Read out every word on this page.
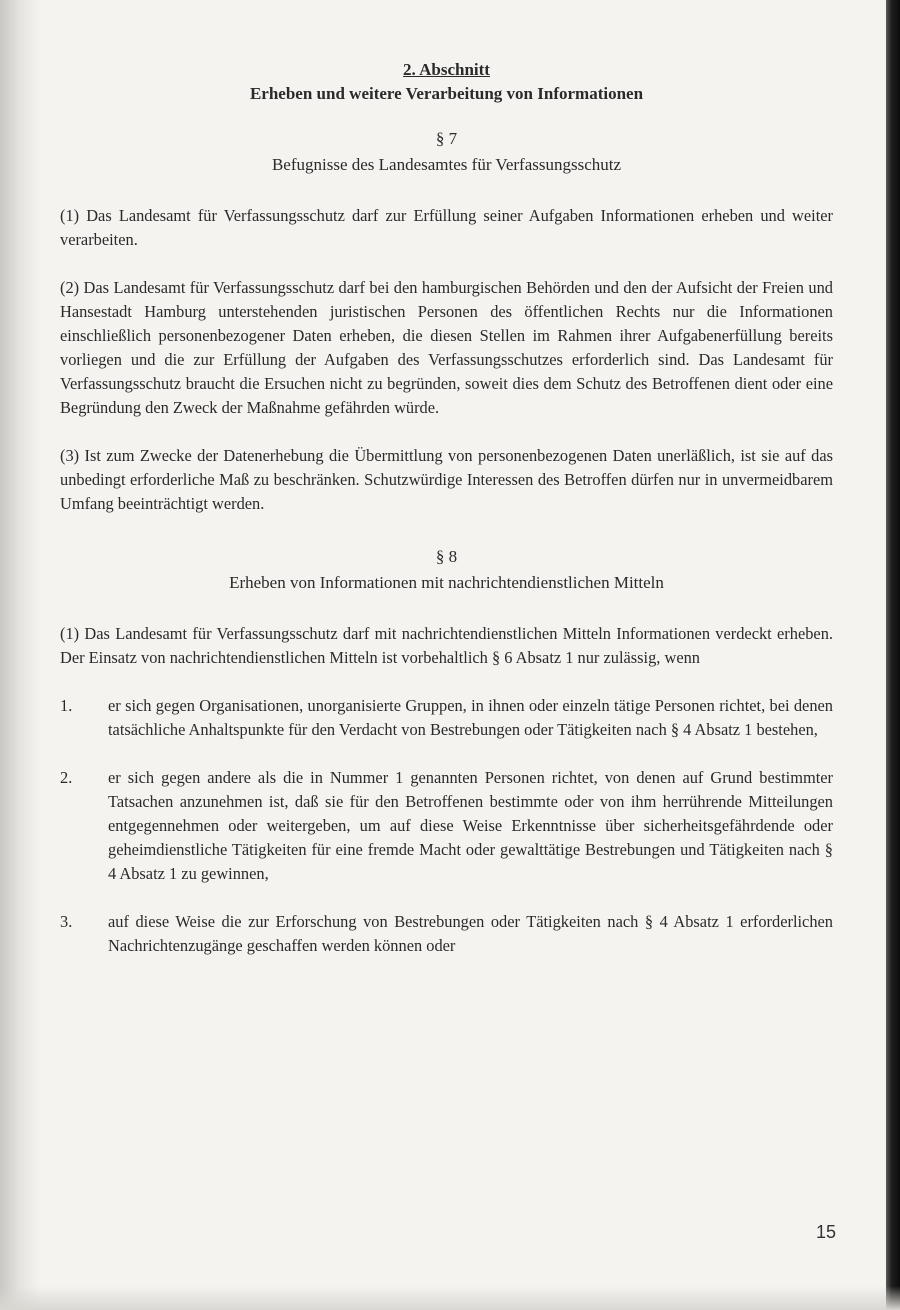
2. Abschnitt
Erheben und weitere Verarbeitung von Informationen
§ 7
Befugnisse des Landesamtes für Verfassungsschutz

(1) Das Landesamt für Verfassungsschutz darf zur Erfüllung seiner Aufgaben Informationen erheben und weiter verarbeiten.

(2) Das Landesamt für Verfassungsschutz darf bei den hamburgischen Behörden und den der Aufsicht der Freien und Hansestadt Hamburg unterstehenden juristischen Personen des öffentlichen Rechts nur die Informationen einschließlich personenbezogener Daten erheben, die diesen Stellen im Rahmen ihrer Aufgabenerfüllung bereits vorliegen und die zur Erfüllung der Aufgaben des Verfassungsschutzes erforderlich sind. Das Landesamt für Verfassungsschutz braucht die Ersuchen nicht zu begründen, soweit dies dem Schutz des Betroffenen dient oder eine Begründung den Zweck der Maßnahme gefährden würde.

(3) Ist zum Zwecke der Datenerhebung die Übermittlung von personenbezogenen Daten unerläßlich, ist sie auf das unbedingt erforderliche Maß zu beschränken. Schutzwürdige Interessen des Betroffen dürfen nur in unvermeidbarem Umfang beeinträchtigt werden.

§ 8
Erheben von Informationen mit nachrichtendienstlichen Mitteln

(1) Das Landesamt für Verfassungsschutz darf mit nachrichtendienstlichen Mitteln Informationen verdeckt erheben. Der Einsatz von nachrichtendienstlichen Mitteln ist vorbehaltlich § 6 Absatz 1 nur zulässig, wenn

1.	er sich gegen Organisationen, unorganisierte Gruppen, in ihnen oder einzeln tätige Personen richtet, bei denen tatsächliche Anhaltspunkte für den Verdacht von Bestrebungen oder Tätigkeiten nach § 4 Absatz 1 bestehen,
2.	er sich gegen andere als die in Nummer 1 genannten Personen richtet, von denen auf Grund bestimmter Tatsachen anzunehmen ist, daß sie für den Betroffenen bestimmte oder von ihm herrührende Mitteilungen entgegennehmen oder weitergeben, um auf diese Weise Erkenntnisse über sicherheitsgefährdende oder geheimdienstliche Tätigkeiten für eine fremde Macht oder gewalttätige Bestrebungen und Tätigkeiten nach § 4 Absatz 1 zu gewinnen,
3.	auf diese Weise die zur Erforschung von Bestrebungen oder Tätigkeiten nach § 4 Absatz 1 erforderlichen Nachrichtenzugänge geschaffen werden können oder
15
